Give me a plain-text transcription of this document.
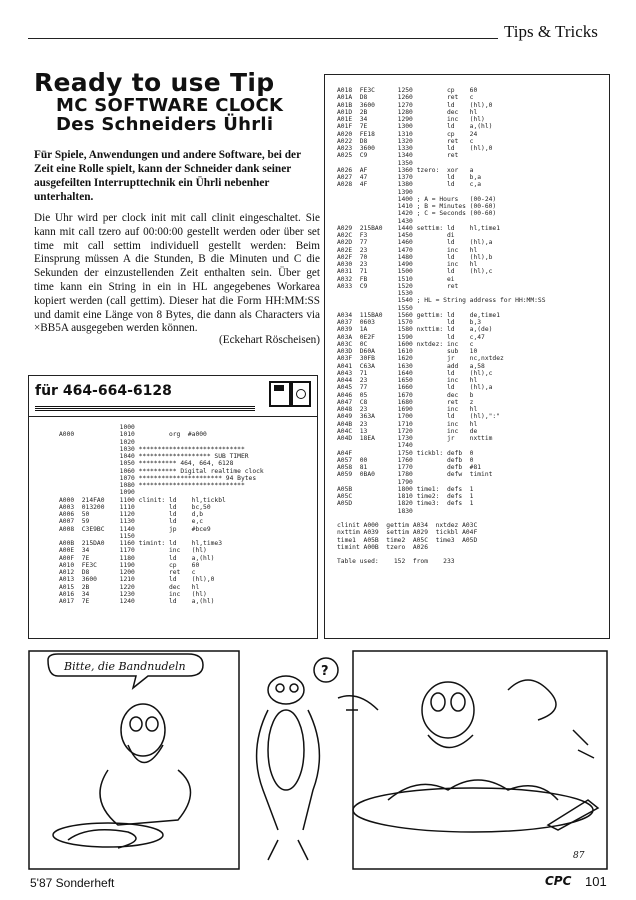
Tips & Tricks
Ready to use Tip
MC SOFTWARE CLOCK
Des Schneiders Ührli
Für Spiele, Anwendungen und andere Software, bei der Zeit eine Rolle spielt, kann der Schneider dank seiner ausgefeilten Interrupttechnik ein Ührli nebenher unterhalten.
Die Uhr wird per clock init mit call clinit eingeschaltet. Sie kann mit call tzero auf 00:00:00 gestellt werden oder über set time mit call settim individuell gestellt werden: Beim Einsprung müssen A die Stunden, B die Minuten und C die Sekunden der einzustellenden Zeit enthalten sein. Über get time kann ein String in ein in HL angegebenes Workarea kopiert werden (call gettim). Dieser hat die Form HH:MM:SS und damit eine Länge von 8 Bytes, die dann als Characters via ×BB5A ausgegeben werden können.
(Eckehart Röscheisen)
für 464-664-6128
1000
A000            1010         org  #a000
1020
1030 ****************************
1040 ******************* SUB TIMER
1050 ********** 464, 664, 6128
1060 ********** Digital realtime clock
1070 ********************** 94 Bytes
1080 ****************************
1090
A000  214FA0    1100 clinit: ld    hl,tickbl
A003  013200    1110         ld    bc,50
A006  50        1120         ld    d,b
A007  59        1130         ld    e,c
A008  C3E9BC    1140         jp    #bce9
1150
A00B  215DA0    1160 timint: ld    hl,time3
A00E  34        1170         inc   (hl)
A00F  7E        1180         ld    a,(hl)
A010  FE3C      1190         cp    60
A012  D8        1200         ret   c
A013  3600      1210         ld    (hl),0
A015  2B        1220         dec   hl
A016  34        1230         inc   (hl)
A017  7E        1240         ld    a,(hl)
A018  FE3C      1250         cp    60
A01A  D8        1260         ret   c
A01B  3600      1270         ld    (hl),0
A01D  2B        1280         dec   hl
A01E  34        1290         inc   (hl)
A01F  7E        1300         ld    a,(hl)
A020  FE18      1310         cp    24
A022  D8        1320         ret   c
A023  3600      1330         ld    (hl),0
A025  C9        1340         ret
1350
A026  AF        1360 tzero:  xor   a
A027  47        1370         ld    b,a
A028  4F        1380         ld    c,a
1390
1400 ; A = Hours   (00-24)
1410 ; B = Minutes (00-60)
1420 ; C = Seconds (00-60)
1430
A029  215BA0    1440 settim: ld    hl,time1
A02C  F3        1450         di
A02D  77        1460         ld    (hl),a
A02E  23        1470         inc   hl
A02F  70        1480         ld    (hl),b
A030  23        1490         inc   hl
A031  71        1500         ld    (hl),c
A032  FB        1510         ei
A033  C9        1520         ret
1530
1540 ; HL = String address for HH:MM:SS
1550
A034  115BA0    1560 gettim: ld    de,time1
A037  0603      1570         ld    b,3
A039  1A        1580 nxttim: ld    a,(de)
A03A  0E2F      1590         ld    c,47
A03C  0C        1600 nxtdez: inc   c
A03D  D60A      1610         sub   10
A03F  30FB      1620         jr    nc,nxtdez
A041  C63A      1630         add   a,58
A043  71        1640         ld    (hl),c
A044  23        1650         inc   hl
A045  77        1660         ld    (hl),a
A046  05        1670         dec   b
A047  C8        1680         ret   z
A048  23        1690         inc   hl
A049  363A      1700         ld    (hl),":"
A04B  23        1710         inc   hl
A04C  13        1720         inc   de
A04D  18EA      1730         jr    nxttim
1740
A04F            1750 tickbl: defb  0
A057  00        1760         defb  0
A058  81        1770         defb  #81
A059  0BA0      1780         defw  timint
1790
A05B            1800 time1:  defs  1
A05C            1810 time2:  defs  1
A05D            1820 time3:  defs  1
1830

clinit A000  gettim A034  nxtdez A03C
nxttim A039  settim A029  tickbl A04F
time1  A05B  time2  A05C  time3  A05D
timint A00B  tzero  A026

Table used:    152  from    233
?
Bitte, die Bandnudeln
87
5'87 Sonderheft	CPC 101
